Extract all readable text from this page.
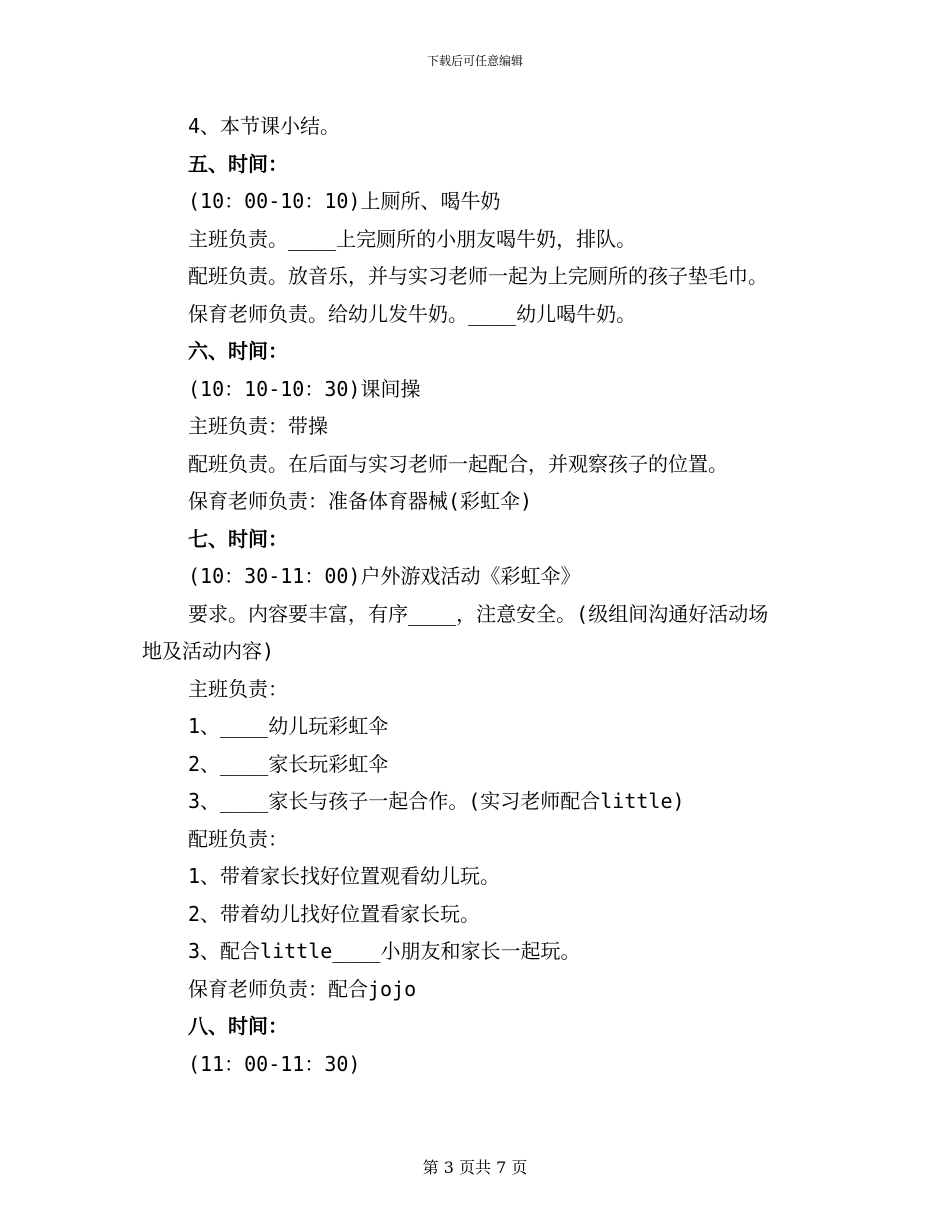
下载后可任意编辑
4、本节课小结。
五、时间：
(10：00-10：10)上厕所、喝牛奶
主班负责。____上完厕所的小朋友喝牛奶，排队。
配班负责。放音乐，并与实习老师一起为上完厕所的孩子垫毛巾。
保育老师负责。给幼儿发牛奶。____幼儿喝牛奶。
六、时间：
(10：10-10：30)课间操
主班负责：带操
配班负责。在后面与实习老师一起配合，并观察孩子的位置。
保育老师负责：准备体育器械(彩虹伞)
七、时间：
(10：30-11：00)户外游戏活动《彩虹伞》
要求。内容要丰富，有序____，注意安全。(级组间沟通好活动场
地及活动内容)
主班负责：
1、____幼儿玩彩虹伞
2、____家长玩彩虹伞
3、____家长与孩子一起合作。(实习老师配合little)
配班负责：
1、带着家长找好位置观看幼儿玩。
2、带着幼儿找好位置看家长玩。
3、配合little____小朋友和家长一起玩。
保育老师负责：配合jojo
八、时间：
(11：00-11：30)
第 3 页共 7 页
